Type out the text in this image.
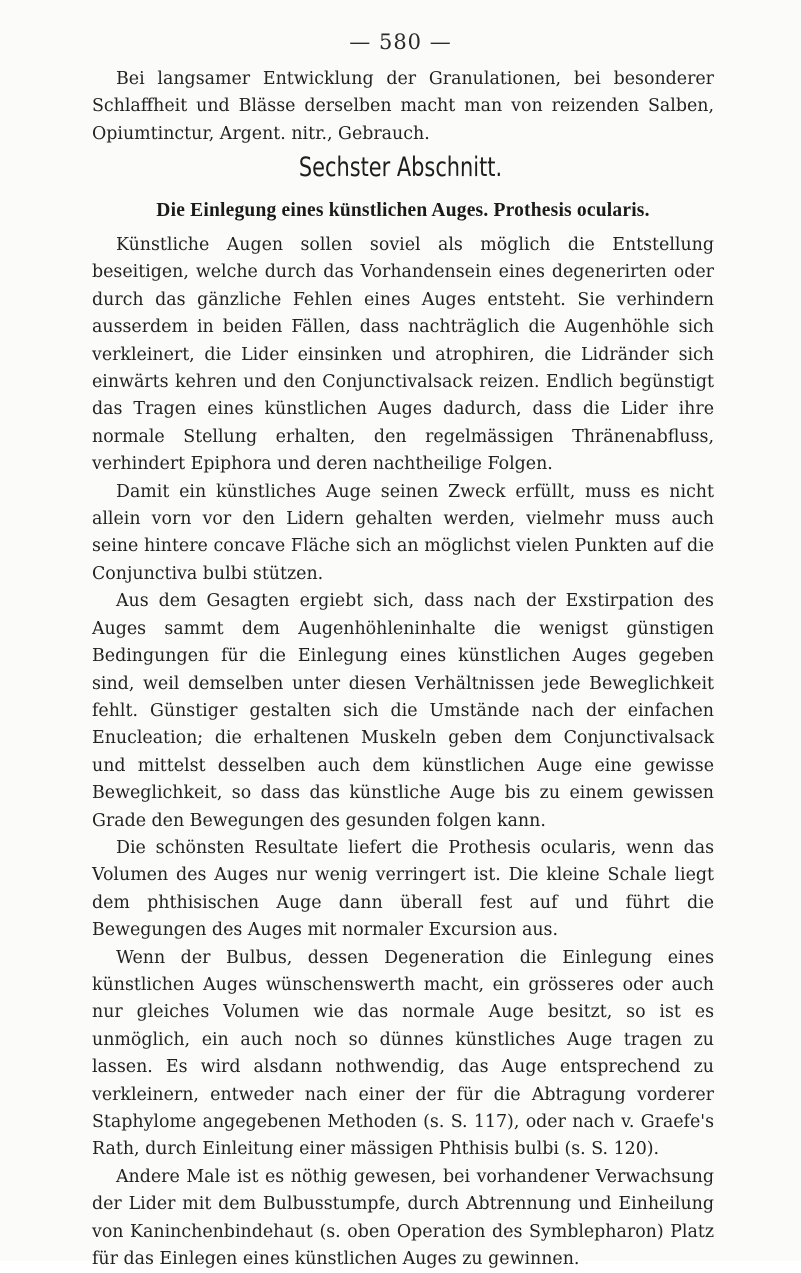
— 580 —

Bei langsamer Entwicklung der Granulationen, bei besonderer Schlaffheit und Blässe derselben macht man von reizenden Salben, Opiumtinctur, Argent. nitr., Gebrauch.

Sechster Abschnitt.
Die Einlegung eines künstlichen Auges. Prothesis ocularis.

Künstliche Augen sollen soviel als möglich die Entstellung beseitigen, welche durch das Vorhandensein eines degenerirten oder durch das gänzliche Fehlen eines Auges entsteht. Sie verhindern ausserdem in beiden Fällen, dass nachträglich die Augenhöhle sich verkleinert, die Lider einsinken und atrophiren, die Lidränder sich einwärts kehren und den Conjunctivalsack reizen. Endlich begünstigt das Tragen eines künstlichen Auges dadurch, dass die Lider ihre normale Stellung erhalten, den regelmässigen Thränenabfluss, verhindert Epiphora und deren nachtheilige Folgen.

Damit ein künstliches Auge seinen Zweck erfüllt, muss es nicht allein vorn vor den Lidern gehalten werden, vielmehr muss auch seine hintere concave Fläche sich an möglichst vielen Punkten auf die Conjunctiva bulbi stützen.

Aus dem Gesagten ergiebt sich, dass nach der Exstirpation des Auges sammt dem Augenhöhleninhalte die wenigst günstigen Bedingungen für die Einlegung eines künstlichen Auges gegeben sind, weil demselben unter diesen Verhältnissen jede Beweglichkeit fehlt. Günstiger gestalten sich die Umstände nach der einfachen Enucleation; die erhaltenen Muskeln geben dem Conjunctivalsack und mittelst desselben auch dem künstlichen Auge eine gewisse Beweglichkeit, so dass das künstliche Auge bis zu einem gewissen Grade den Bewegungen des gesunden folgen kann.

Die schönsten Resultate liefert die Prothesis ocularis, wenn das Volumen des Auges nur wenig verringert ist. Die kleine Schale liegt dem phthisischen Auge dann überall fest auf und führt die Bewegungen des Auges mit normaler Excursion aus.

Wenn der Bulbus, dessen Degeneration die Einlegung eines künstlichen Auges wünschenswerth macht, ein grösseres oder auch nur gleiches Volumen wie das normale Auge besitzt, so ist es unmöglich, ein auch noch so dünnes künstliches Auge tragen zu lassen. Es wird alsdann nothwendig, das Auge entsprechend zu verkleinern, entweder nach einer der für die Abtragung vorderer Staphylome angegebenen Methoden (s. S. 117), oder nach v. Graefe's Rath, durch Einleitung einer mässigen Phthisis bulbi (s. S. 120).

Andere Male ist es nöthig gewesen, bei vorhandener Verwachsung der Lider mit dem Bulbusstumpfe, durch Abtrennung und Einheilung von Kaninchenbindehaut (s. oben Operation des Symblepharon) Platz für das Einlegen eines künstlichen Auges zu gewinnen.
